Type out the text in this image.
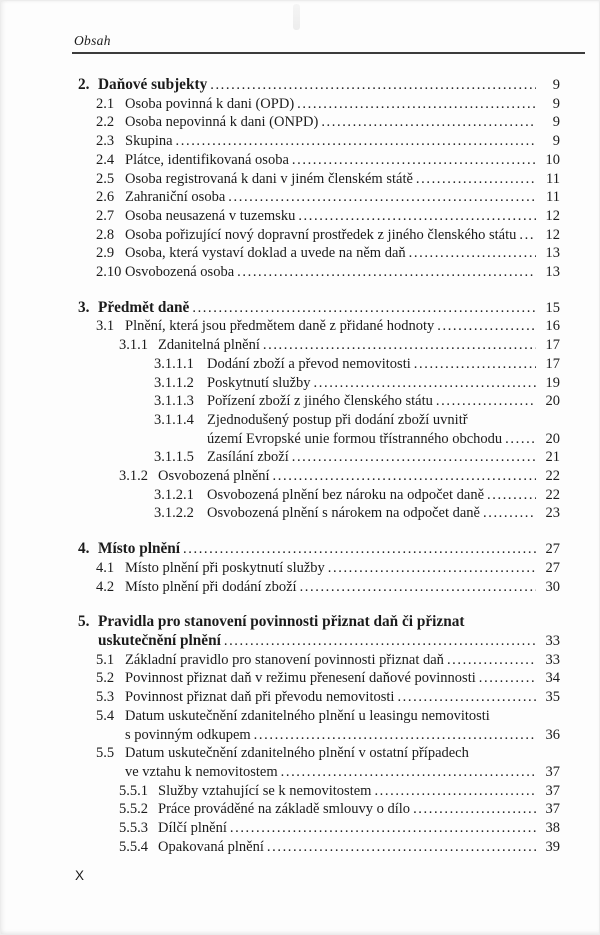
Obsah
2. Daňové subjekty .....	9
2.1 Osoba povinná k dani (OPD) .....	9
2.2 Osoba nepovinná k dani (ONPD) .....	9
2.3 Skupina .....	9
2.4 Plátce, identifikovaná osoba .....	10
2.5 Osoba registrovaná k dani v jiném členském státě .....	11
2.6 Zahraniční osoba .....	11
2.7 Osoba neusazená v tuzemsku .....	12
2.8 Osoba pořizující nový dopravní prostředek z jiného členského státu .....	12
2.9 Osoba, která vystaví doklad a uvede na něm daň .....	13
2.10 Osvobozená osoba .....	13
3. Předmět daně .....	15
3.1 Plnění, která jsou předmětem daně z přidané hodnoty .....	16
3.1.1 Zdanitelná plnění .....	17
3.1.1.1 Dodání zboží a převod nemovitosti .....	17
3.1.1.2 Poskytnutí služby .....	19
3.1.1.3 Pořízení zboží z jiného členského státu .....	20
3.1.1.4 Zjednodušený postup při dodání zboží uvnitř
území Evropské unie formou třístranného obchodu .....	20
3.1.1.5 Zasílání zboží .....	21
3.1.2 Osvobozená plnění .....	22
3.1.2.1 Osvobozená plnění bez nároku na odpočet daně .....	22
3.1.2.2 Osvobozená plnění s nárokem na odpočet daně .....	23
4. Místo plnění .....	27
4.1 Místo plnění při poskytnutí služby .....	27
4.2 Místo plnění při dodání zboží .....	30
5. Pravidla pro stanovení povinnosti přiznat daň či přiznat
uskutečnění plnění .....	33
5.1 Základní pravidlo pro stanovení povinnosti přiznat daň .....	33
5.2 Povinnost přiznat daň v režimu přenesení daňové povinnosti .....	34
5.3 Povinnost přiznat daň při převodu nemovitosti .....	35
5.4 Datum uskutečnění zdanitelného plnění u leasingu nemovitosti
s povinným odkupem .....	36
5.5 Datum uskutečnění zdanitelného plnění v ostatní případech
ve vztahu k nemovitostem .....	37
5.5.1 Služby vztahující se k nemovitostem .....	37
5.5.2 Práce prováděné na základě smlouvy o dílo .....	37
5.5.3 Dílčí plnění .....	38
5.5.4 Opakovaná plnění .....	39
X
